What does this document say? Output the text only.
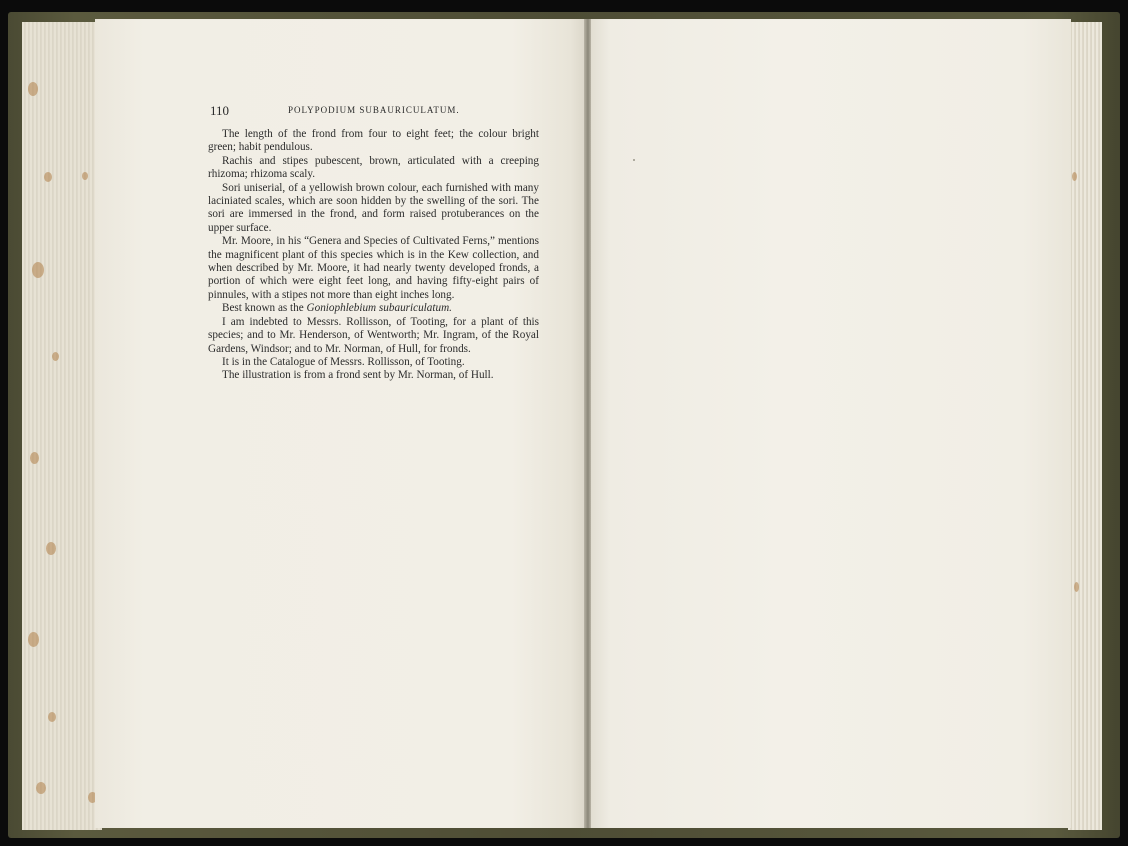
110	POLYPODIUM SUBAURICULATUM.

The length of the frond from four to eight feet; the colour bright green; habit pendulous.

Rachis and stipes pubescent, brown, articulated with a creeping rhizoma; rhizoma scaly.

Sori uniserial, of a yellowish brown colour, each furnished with many laciniated scales, which are soon hidden by the swelling of the sori. The sori are immersed in the frond, and form raised protuberances on the upper surface.

Mr. Moore, in his “Genera and Species of Cultivated Ferns,” mentions the magnificent plant of this species which is in the Kew collection, and when described by Mr. Moore, it had nearly twenty developed fronds, a portion of which were eight feet long, and having fifty-eight pairs of pinnules, with a stipes not more than eight inches long.

Best known as the Goniophlebium subauriculatum.

I am indebted to Messrs. Rollisson, of Tooting, for a plant of this species; and to Mr. Henderson, of Wentworth; Mr. Ingram, of the Royal Gardens, Windsor; and to Mr. Norman, of Hull, for fronds.

It is in the Catalogue of Messrs. Rollisson, of Tooting.

The illustration is from a frond sent by Mr. Norman, of Hull.
